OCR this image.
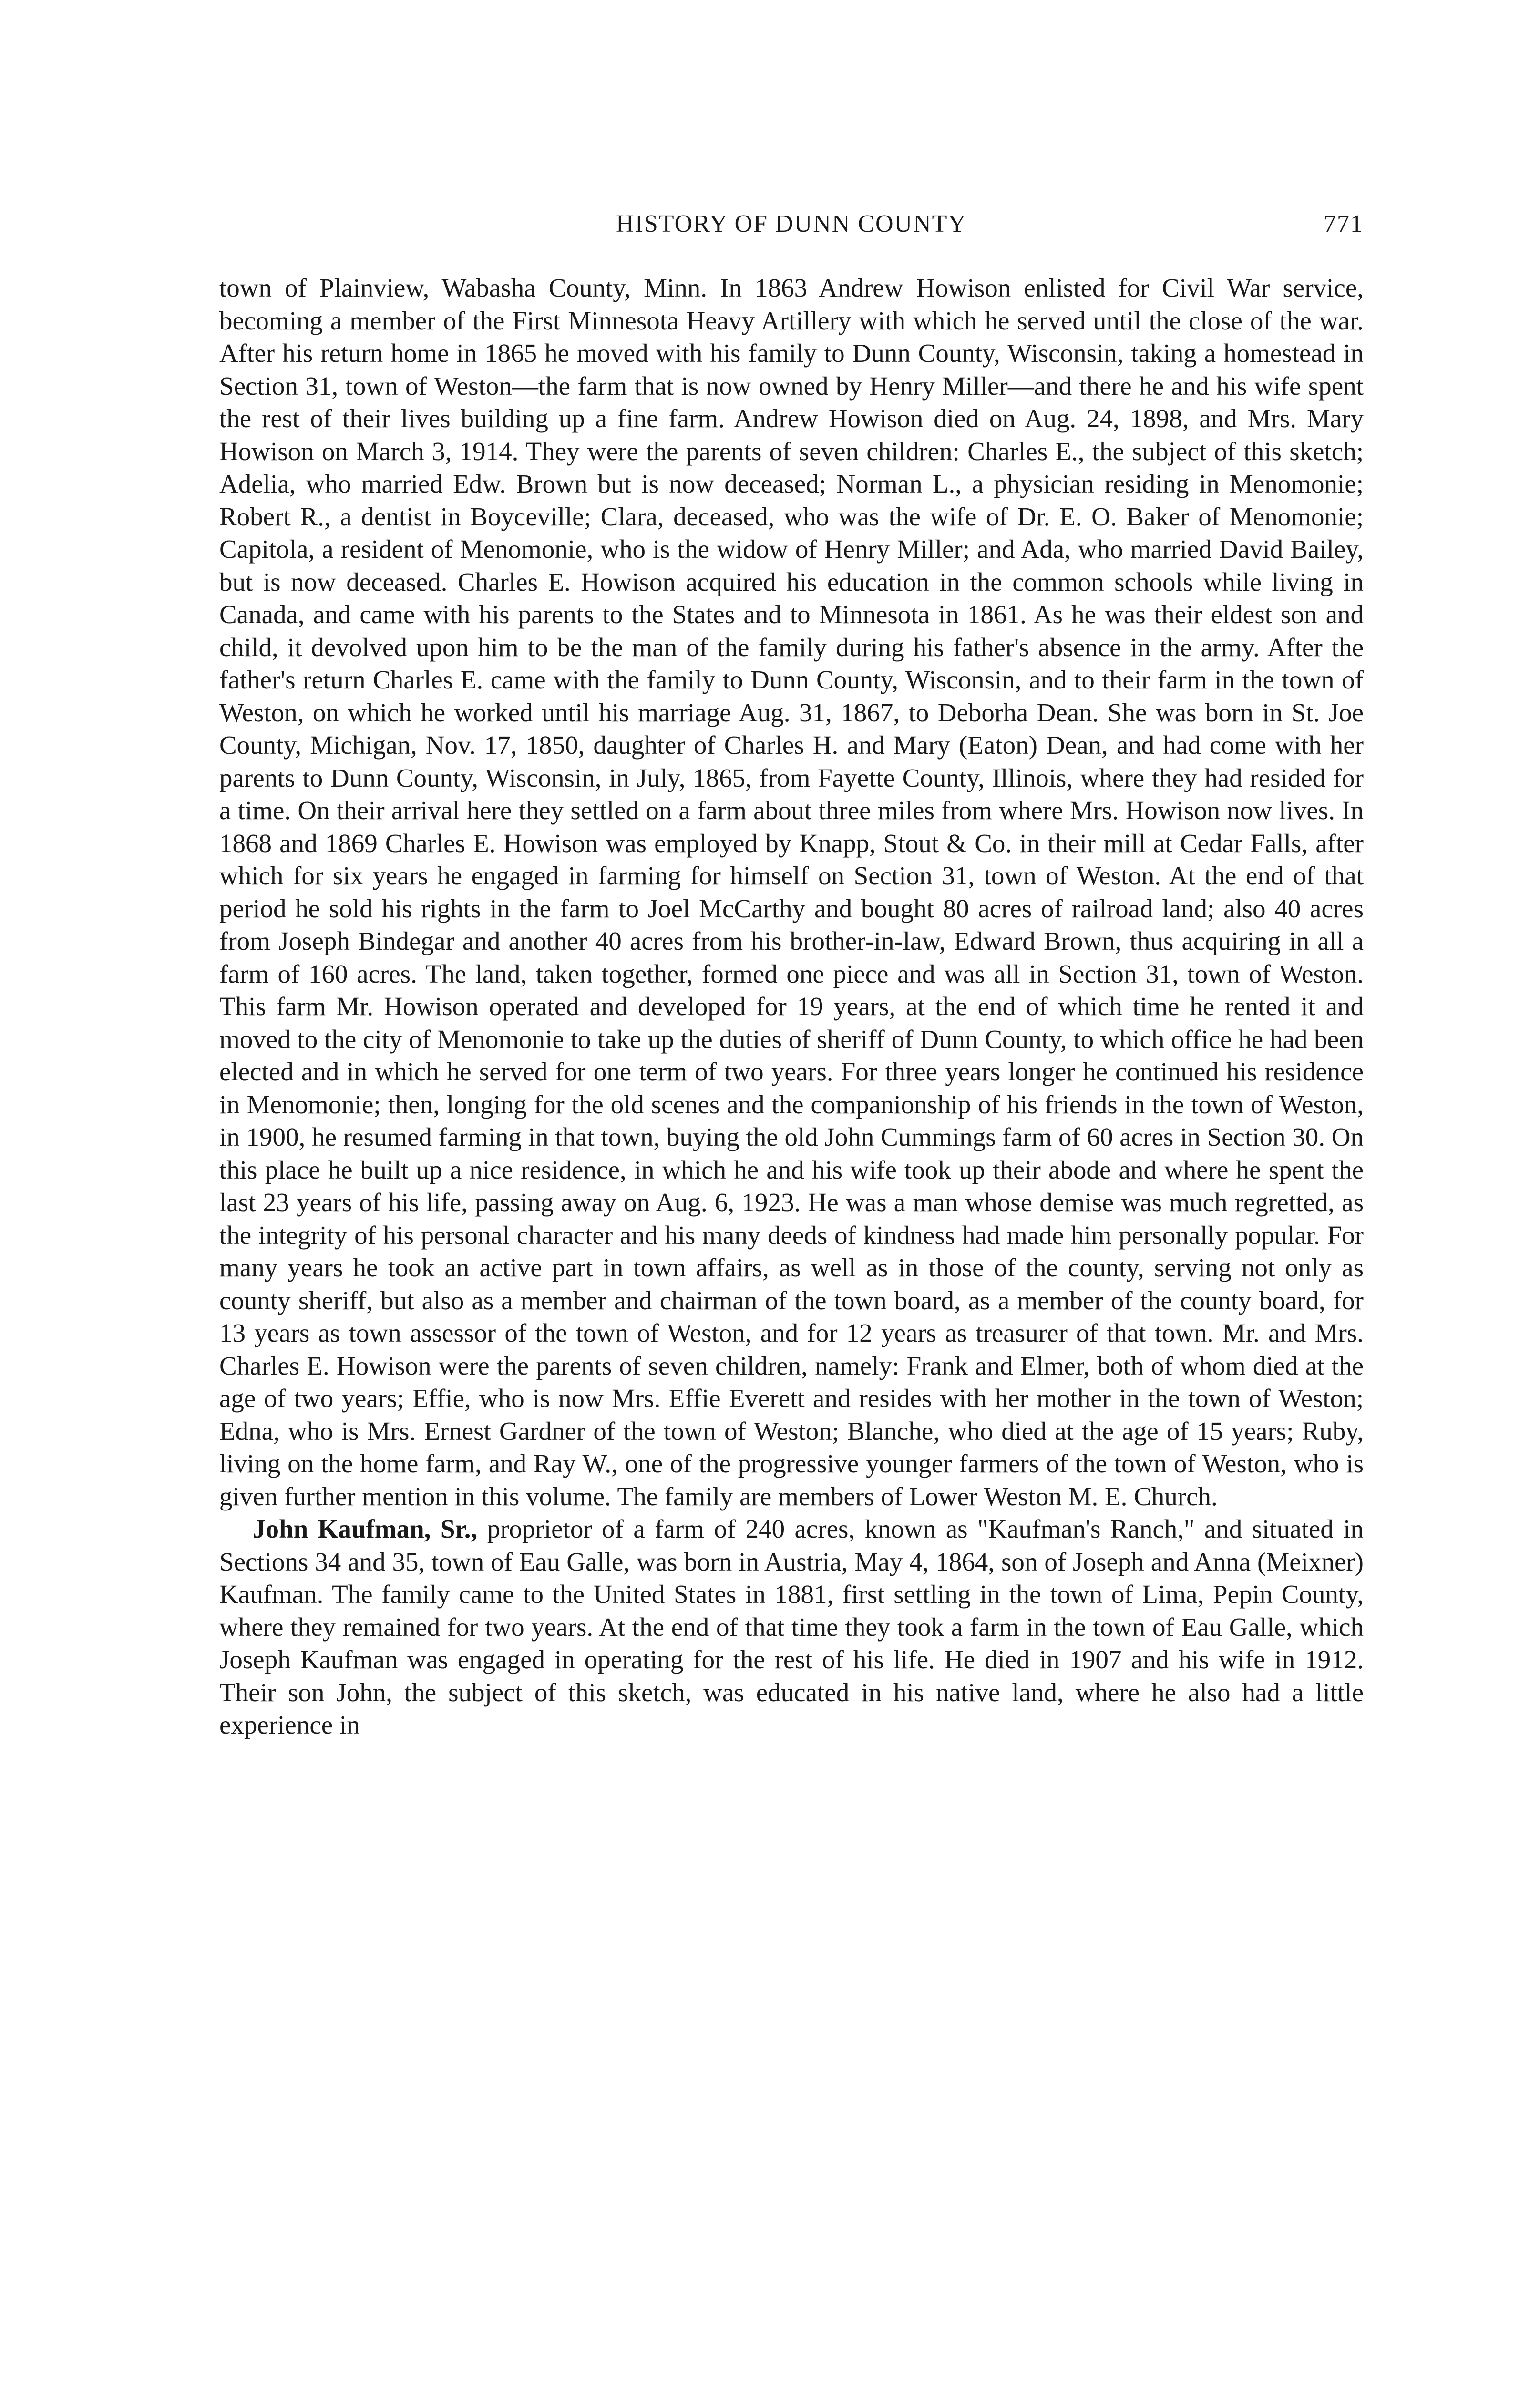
HISTORY OF DUNN COUNTY	771

town of Plainview, Wabasha County, Minn. In 1863 Andrew Howison enlisted for Civil War service, becoming a member of the First Minnesota Heavy Artillery with which he served until the close of the war. After his return home in 1865 he moved with his family to Dunn County, Wisconsin, taking a homestead in Section 31, town of Weston—the farm that is now owned by Henry Miller—and there he and his wife spent the rest of their lives building up a fine farm. Andrew Howison died on Aug. 24, 1898, and Mrs. Mary Howison on March 3, 1914. They were the parents of seven children: Charles E., the subject of this sketch; Adelia, who married Edw. Brown but is now deceased; Norman L., a physician residing in Menomonie; Robert R., a dentist in Boyceville; Clara, deceased, who was the wife of Dr. E. O. Baker of Menomonie; Capitola, a resident of Menomonie, who is the widow of Henry Miller; and Ada, who married David Bailey, but is now deceased. Charles E. Howison acquired his education in the common schools while living in Canada, and came with his parents to the States and to Minnesota in 1861. As he was their eldest son and child, it devolved upon him to be the man of the family during his father's absence in the army. After the father's return Charles E. came with the family to Dunn County, Wisconsin, and to their farm in the town of Weston, on which he worked until his marriage Aug. 31, 1867, to Deborha Dean. She was born in St. Joe County, Michigan, Nov. 17, 1850, daughter of Charles H. and Mary (Eaton) Dean, and had come with her parents to Dunn County, Wisconsin, in July, 1865, from Fayette County, Illinois, where they had resided for a time. On their arrival here they settled on a farm about three miles from where Mrs. Howison now lives. In 1868 and 1869 Charles E. Howison was employed by Knapp, Stout & Co. in their mill at Cedar Falls, after which for six years he engaged in farming for himself on Section 31, town of Weston. At the end of that period he sold his rights in the farm to Joel McCarthy and bought 80 acres of railroad land; also 40 acres from Joseph Bindegar and another 40 acres from his brother-in-law, Edward Brown, thus acquiring in all a farm of 160 acres. The land, taken together, formed one piece and was all in Section 31, town of Weston. This farm Mr. Howison operated and developed for 19 years, at the end of which time he rented it and moved to the city of Menomonie to take up the duties of sheriff of Dunn County, to which office he had been elected and in which he served for one term of two years. For three years longer he continued his residence in Menomonie; then, longing for the old scenes and the companionship of his friends in the town of Weston, in 1900, he resumed farming in that town, buying the old John Cummings farm of 60 acres in Section 30. On this place he built up a nice residence, in which he and his wife took up their abode and where he spent the last 23 years of his life, passing away on Aug. 6, 1923. He was a man whose demise was much regretted, as the integrity of his personal character and his many deeds of kindness had made him personally popular. For many years he took an active part in town affairs, as well as in those of the county, serving not only as county sheriff, but also as a member and chairman of the town board, as a member of the county board, for 13 years as town assessor of the town of Weston, and for 12 years as treasurer of that town. Mr. and Mrs. Charles E. Howison were the parents of seven children, namely: Frank and Elmer, both of whom died at the age of two years; Effie, who is now Mrs. Effie Everett and resides with her mother in the town of Weston; Edna, who is Mrs. Ernest Gardner of the town of Weston; Blanche, who died at the age of 15 years; Ruby, living on the home farm, and Ray W., one of the progressive younger farmers of the town of Weston, who is given further mention in this volume. The family are members of Lower Weston M. E. Church.

John Kaufman, Sr., proprietor of a farm of 240 acres, known as "Kaufman's Ranch," and situated in Sections 34 and 35, town of Eau Galle, was born in Austria, May 4, 1864, son of Joseph and Anna (Meixner) Kaufman. The family came to the United States in 1881, first settling in the town of Lima, Pepin County, where they remained for two years. At the end of that time they took a farm in the town of Eau Galle, which Joseph Kaufman was engaged in operating for the rest of his life. He died in 1907 and his wife in 1912. Their son John, the subject of this sketch, was educated in his native land, where he also had a little experience in
